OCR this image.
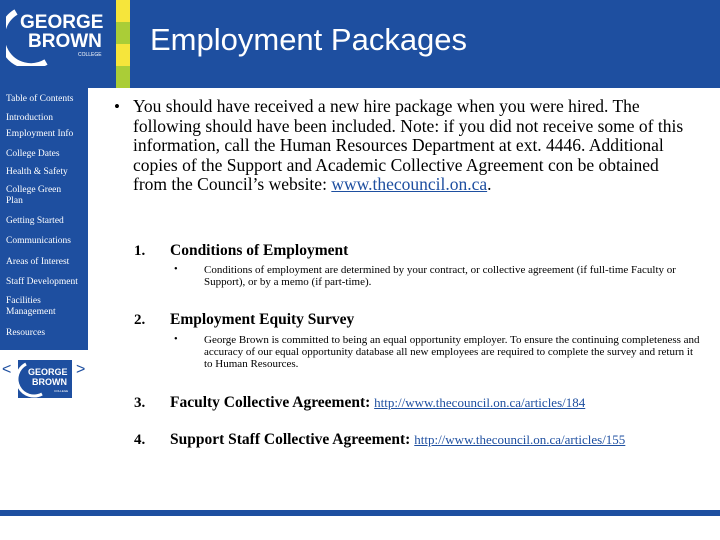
GEORGE
BROWN
COLLEGE Employment Packages
Table of Contents
Introduction
Employment Info
College Dates
Health & Safety
College Green Plan
Getting Started
Communications
Areas of Interest
Staff Development
Facilities Management
Resources
<	GEORGE
BROWN
COLLEGE
>
• You should have received a new hire package when you were hired. The following should have been included. Note: if you did not receive some of this information, call the Human Resources Department at ext. 4446. Additional copies of the Support and Academic Collective Agreement con be obtained from the Council’s website: www.thecouncil.on.ca.
1. Conditions of Employment
• Conditions of employment are determined by your contract, or collective agreement (if full-time Faculty or Support), or by a memo (if part-time).
2. Employment Equity Survey
• George Brown is committed to being an equal opportunity employer. To ensure the continuing completeness and accuracy of our equal opportunity database all new employees are required to complete the survey and return it to Human Resources.
3. Faculty Collective Agreement: http://www.thecouncil.on.ca/articles/184
4. Support Staff Collective Agreement: http://www.thecouncil.on.ca/articles/155
